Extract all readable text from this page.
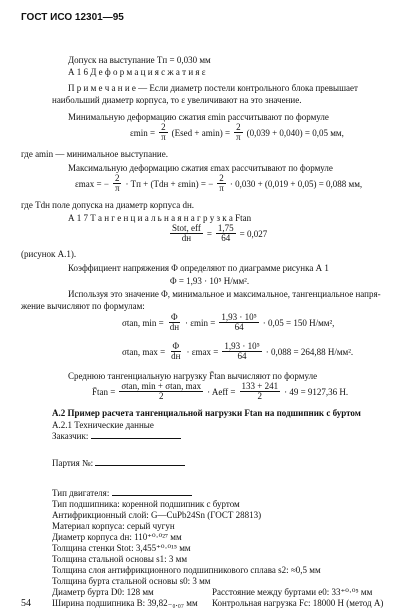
ГОСТ ИСО 12301—95
Допуск на выступание Tп = 0,030 мм
А 1 6 Д е ф о р м а ц и я с ж а т и я ε
П р и м е ч а н и е — Если диаметр постели контрольного блока превышает
наибольший диаметр корпуса, то ε увеличивают на это значение.
Минимальную деформацию сжатия εmin рассчитывают по формуле
$\varepsilon\min = \frac{2}{\pi}$ (Esed + $amin) = \frac{2}{\pi} (0,039 + 0,040) = 0,05$ мм,
где amin — минимальное выступание.
Максимальную деформацию сжатия εmax рассчитывают по формуле
εmax = − $\frac{2}{\pi}$ · Tп + (Tdн + εmin) = − $\frac{2}{\pi} \cdot 0,030 + (0,019 + 0,05) = 0,088$ мм,
где Tdн поле допуска на диаметр корпуса dн.
А 1 7 Т а н г е н ц и а л ь н а я н а г р у з к а Ftan
$\frac{\text{Stot, eff}}{dн} = \frac{1,75}{64} = 0,027$
(рисунок А.1).
Коэффициент напряжения Φ определяют по диаграмме рисунка А 1
Φ = 1,93 · 10⁵ Н/мм².
Используя это значение Φ, минимальное и максимальное, тангенциальное напря-
жение вычисляют по формулам:
σtan, $\min = \frac{\Phi}{dн} \cdot \varepsilon\min = \frac{\text{1,93 · 10⁵}}{64} \cdot 0,05 = 150$ Н/мм²,
σtan, $\max = \frac{\Phi}{dн} \cdot \varepsilon\max = \frac{\text{1,93 · 10⁵}}{64} \cdot 0,088 = 264,88$ Н/мм².
Среднюю тангенциальную нагрузку F̄tan вычисляют по формуле
F̄tan = $\frac{\sigma\tan, \min + \sigma\tan, \max}{2}$ · Aeff = $\frac{133 + 241}{2} \cdot 49 = 9127,36$ Н.
А.2 Пример расчета тангенциальной нагрузки Ftan на подшипник с буртом
А.2.1 Технические данные
Заказчик:
Партия №:
Тип двигателя:
Тип подшипника: коренной подшипник с буртом
Антифрикционный слой: G—CuPb24Sn (ГОСТ 28813)
Материал корпуса: серый чугун
Диаметр корпуса dн: 110⁺⁰·⁰²⁷ мм
Толщина стенки Stot: 3,455⁺⁰·⁰¹⁵ мм
Толщина стальной основы s1: 3 мм
Толщина слоя антифрикционного подшипникового сплава s2: ≈0,5 мм
Толщина бурта стальной основы s0: 3 мм
Диаметр бурта D0: 128 мм
Ширина подшипника B: 39,82₋₀.₀₇ мм
Расстояние между буртами e0: 33⁺⁰·⁰⁵ мм
Контрольная нагрузка Fc: 18000 Н (метод А)
54
